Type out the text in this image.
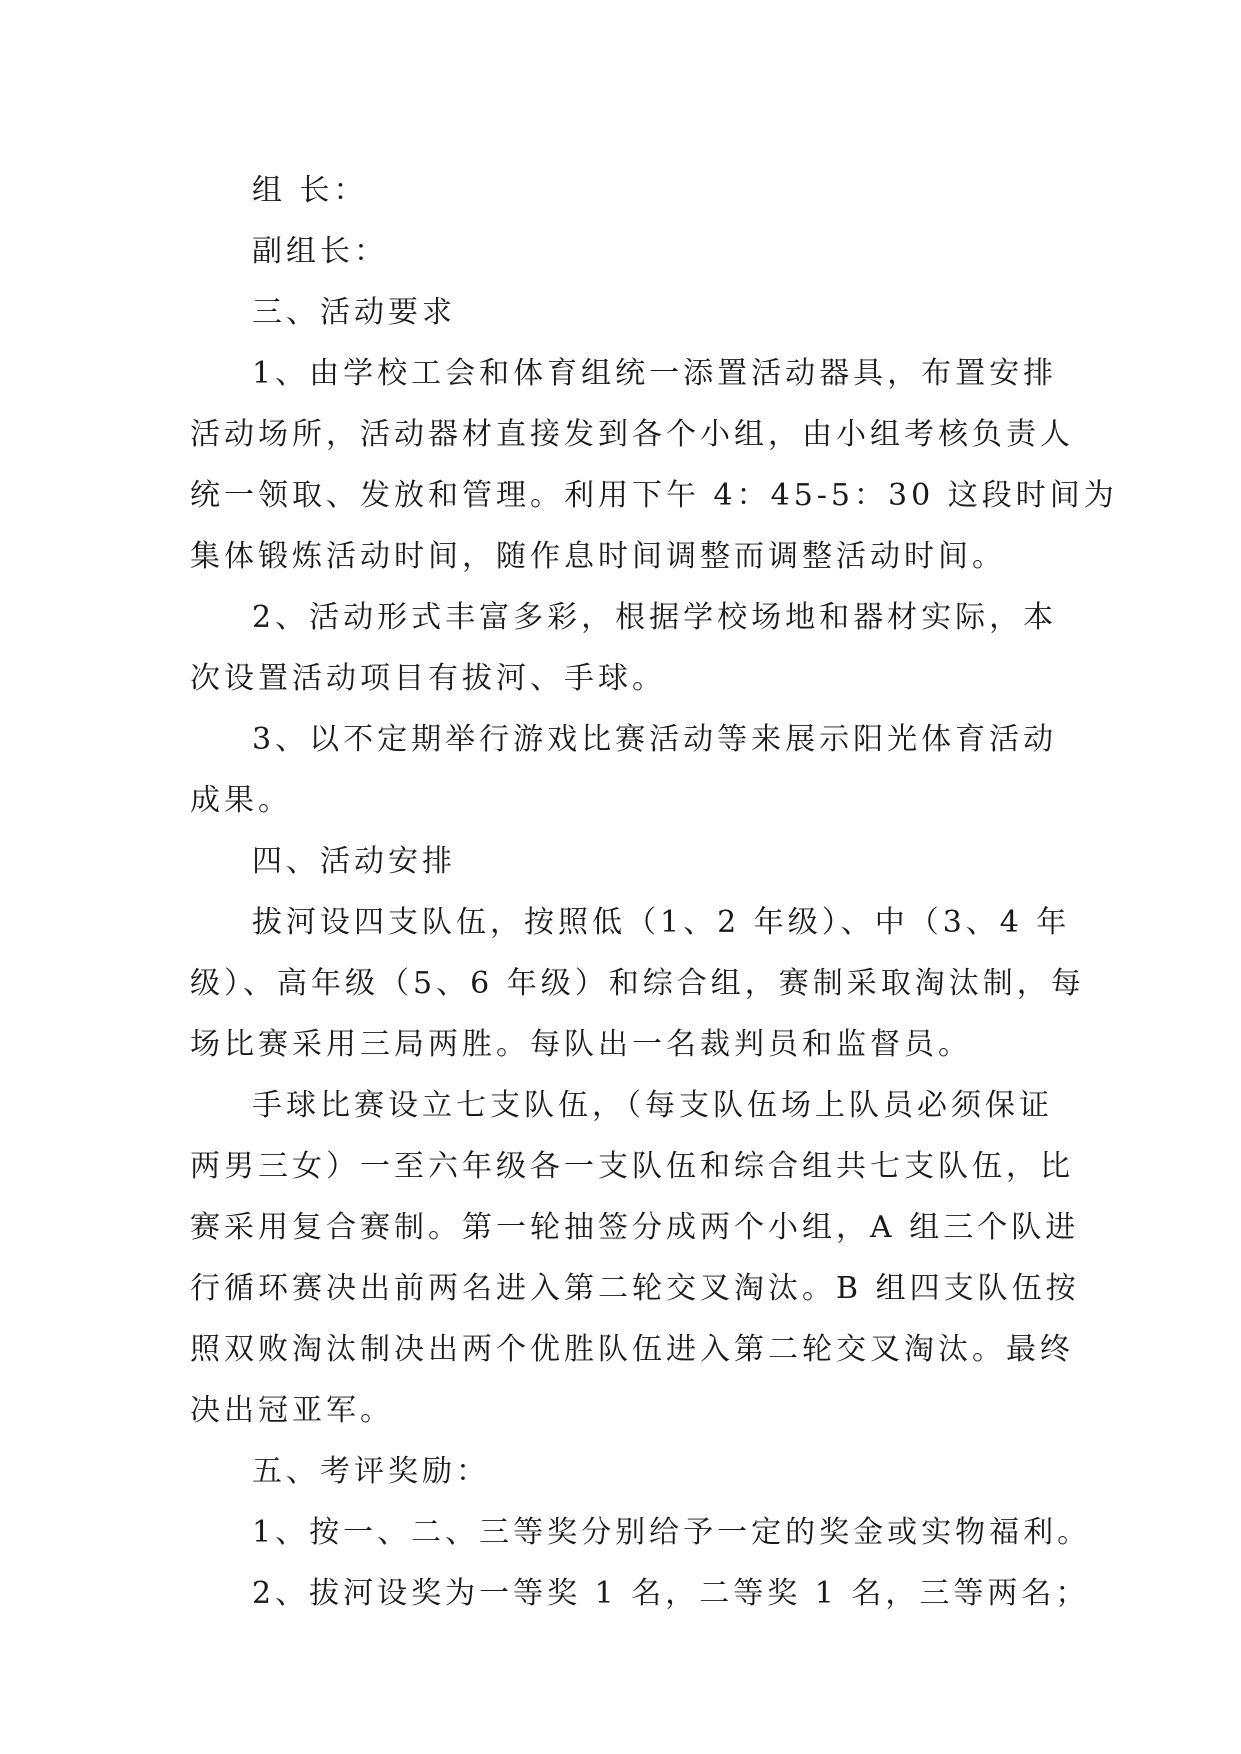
组 长：
副组长：
三、活动要求
1、由学校工会和体育组统一添置活动器具，布置安排
活动场所，活动器材直接发到各个小组，由小组考核负责人
统一领取、发放和管理。利用下午 4：45-5：30 这段时间为
集体锻炼活动时间，随作息时间调整而调整活动时间。
2、活动形式丰富多彩，根据学校场地和器材实际，本
次设置活动项目有拔河、手球。
3、以不定期举行游戏比赛活动等来展示阳光体育活动
成果。
四、活动安排
拔河设四支队伍，按照低（1、2 年级）、中（3、4 年
级）、高年级（5、6 年级）和综合组，赛制采取淘汰制，每
场比赛采用三局两胜。每队出一名裁判员和监督员。
手球比赛设立七支队伍，（每支队伍场上队员必须保证
两男三女）一至六年级各一支队伍和综合组共七支队伍，比
赛采用复合赛制。第一轮抽签分成两个小组，A 组三个队进
行循环赛决出前两名进入第二轮交叉淘汰。B 组四支队伍按
照双败淘汰制决出两个优胜队伍进入第二轮交叉淘汰。最终
决出冠亚军。
五、考评奖励：
1、按一、二、三等奖分别给予一定的奖金或实物福利。
2、拔河设奖为一等奖 1 名，二等奖 1 名，三等两名；
